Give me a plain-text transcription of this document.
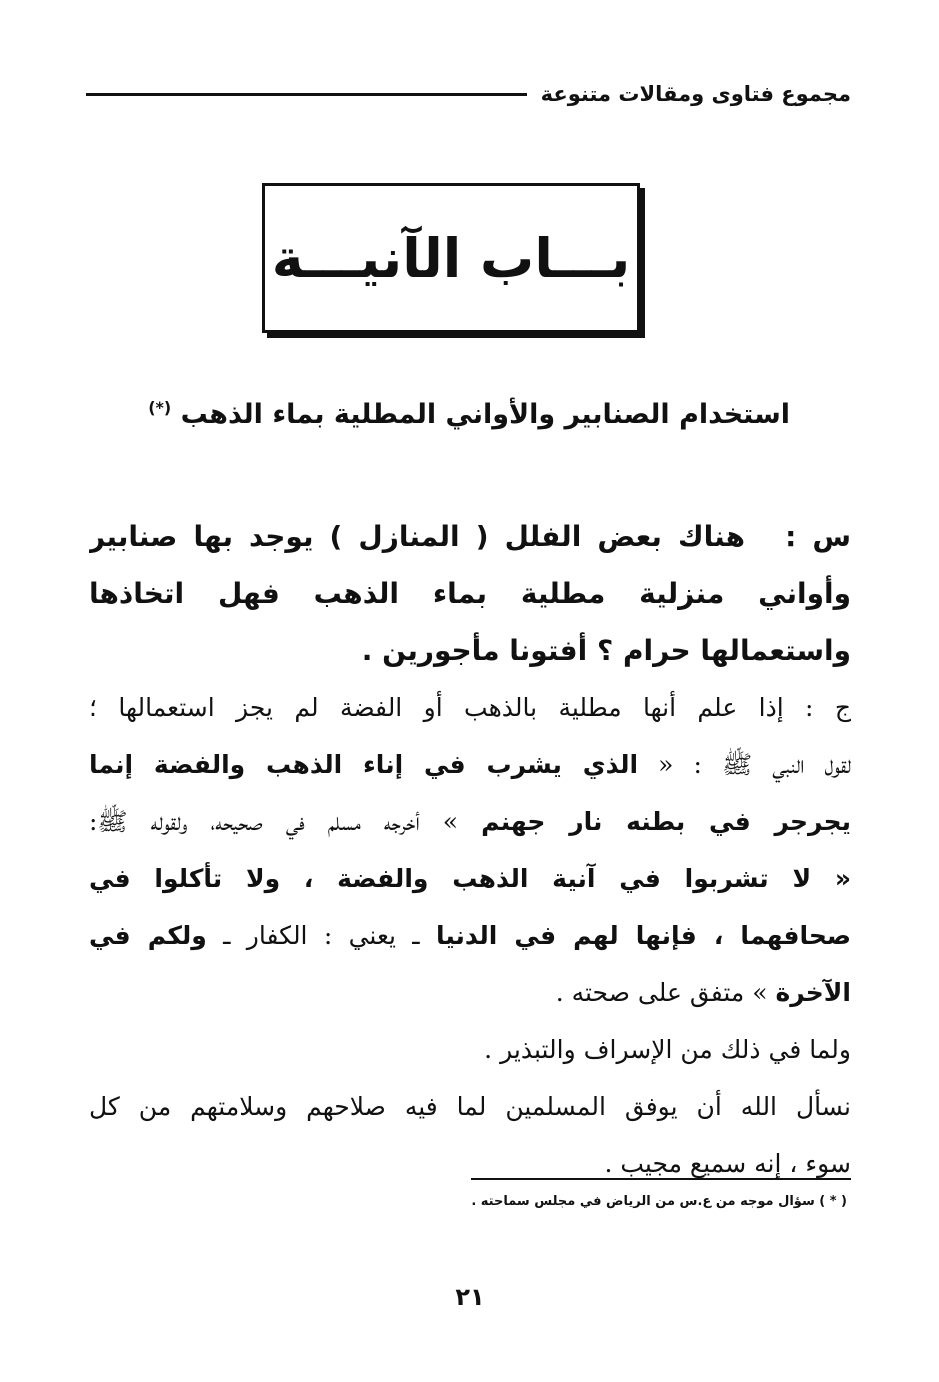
مجموع فتاوى ومقالات متنوعة
بـــاب الآنيـــة
استخدام الصنابير والأواني المطلية بماء الذهب (*)
س : هناك بعض الفلل ( المنازل ) يوجد بها صنابير
وأواني منزلية مطلية بماء الذهب فهل اتخاذها
واستعمالها حرام ؟ أفتونا مأجورين .
ج : إذا علم أنها مطلية بالذهب أو الفضة لم يجز استعمالها ؛
لقول النبي ﷺ : « الذي يشرب في إناء الذهب والفضة إنما
يجرجر في بطنه نار جهنم » أخرجه مسلم في صحيحه، ولقوله ﷺ:
« لا تشربوا في آنية الذهب والفضة ، ولا تأكلوا في
صحافهما ، فإنها لهم في الدنيا ـ يعني : الكفار ـ ولكم في
الآخرة » متفق على صحته .
ولما في ذلك من الإسراف والتبذير .
نسأل الله أن يوفق المسلمين لما فيه صلاحهم وسلامتهم من كل
سوء ، إنه سميع مجيب .
( * ) سؤال موجه من ع.س من الرياض في مجلس سماحته .
٢١
